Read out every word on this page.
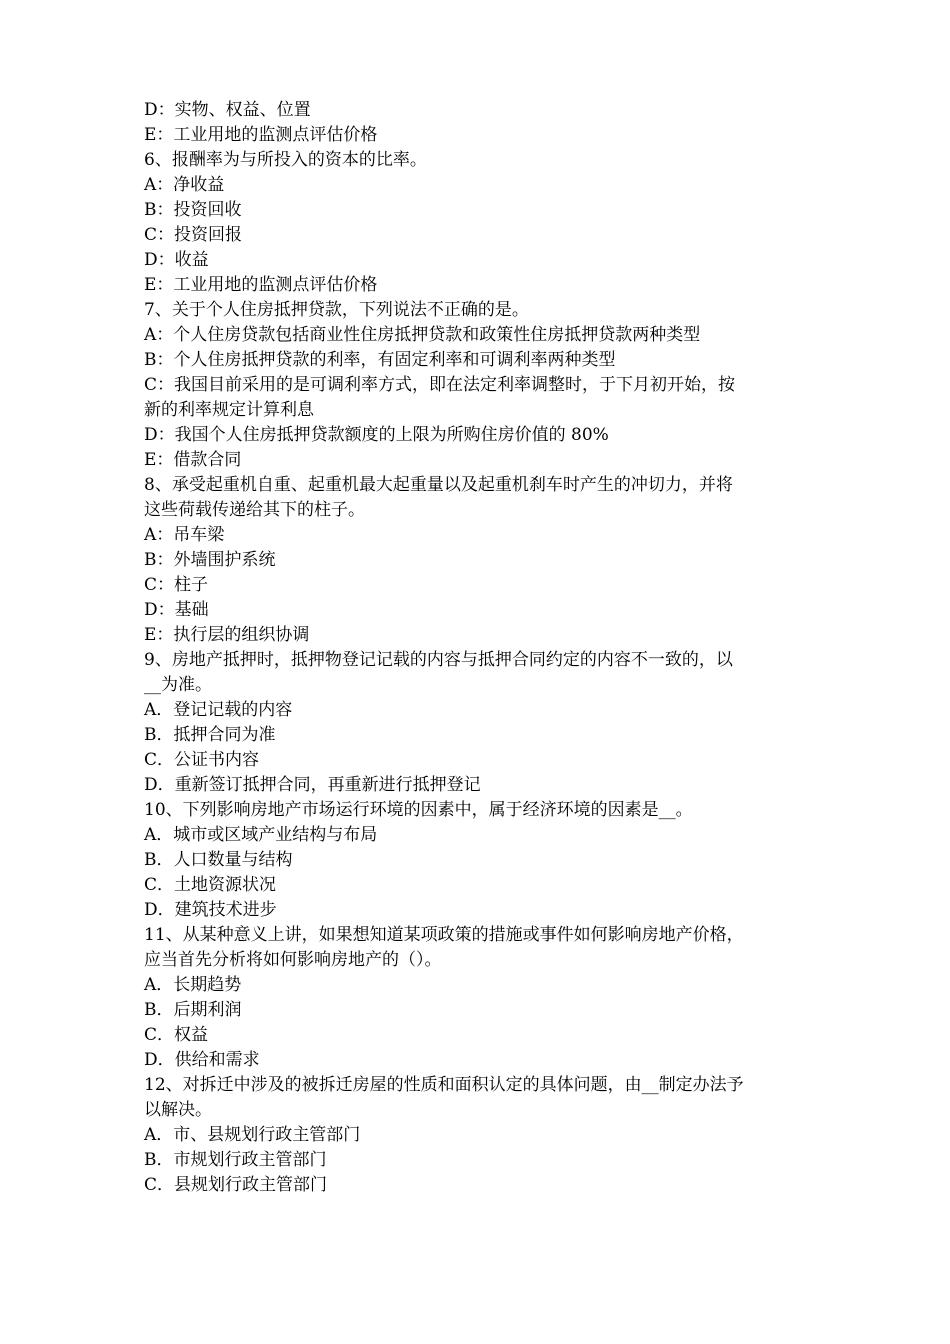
D：实物、权益、位置
E：工业用地的监测点评估价格
6、报酬率为与所投入的资本的比率。
A：净收益
B：投资回收
C：投资回报
D：收益
E：工业用地的监测点评估价格
7、关于个人住房抵押贷款，下列说法不正确的是。
A：个人住房贷款包括商业性住房抵押贷款和政策性住房抵押贷款两种类型
B：个人住房抵押贷款的利率，有固定利率和可调利率两种类型
C：我国目前采用的是可调利率方式，即在法定利率调整时，于下月初开始，按
新的利率规定计算利息
D：我国个人住房抵押贷款额度的上限为所购住房价值的 80%
E：借款合同
8、承受起重机自重、起重机最大起重量以及起重机刹车时产生的冲切力，并将
这些荷载传递给其下的柱子。
A：吊车梁
B：外墙围护系统
C：柱子
D：基础
E：执行层的组织协调
9、房地产抵押时，抵押物登记记载的内容与抵押合同约定的内容不一致的，以
__为准。
A．登记记载的内容
B．抵押合同为准
C．公证书内容
D．重新签订抵押合同，再重新进行抵押登记
10、下列影响房地产市场运行环境的因素中，属于经济环境的因素是__。
A．城市或区域产业结构与布局
B．人口数量与结构
C．土地资源状况
D．建筑技术进步
11、从某种意义上讲，如果想知道某项政策的措施或事件如何影响房地产价格，
应当首先分析将如何影响房地产的（）。
A．长期趋势
B．后期利润
C．权益
D．供给和需求
12、对拆迁中涉及的被拆迁房屋的性质和面积认定的具体问题，由__制定办法予
以解决。
A．市、县规划行政主管部门
B．市规划行政主管部门
C．县规划行政主管部门
